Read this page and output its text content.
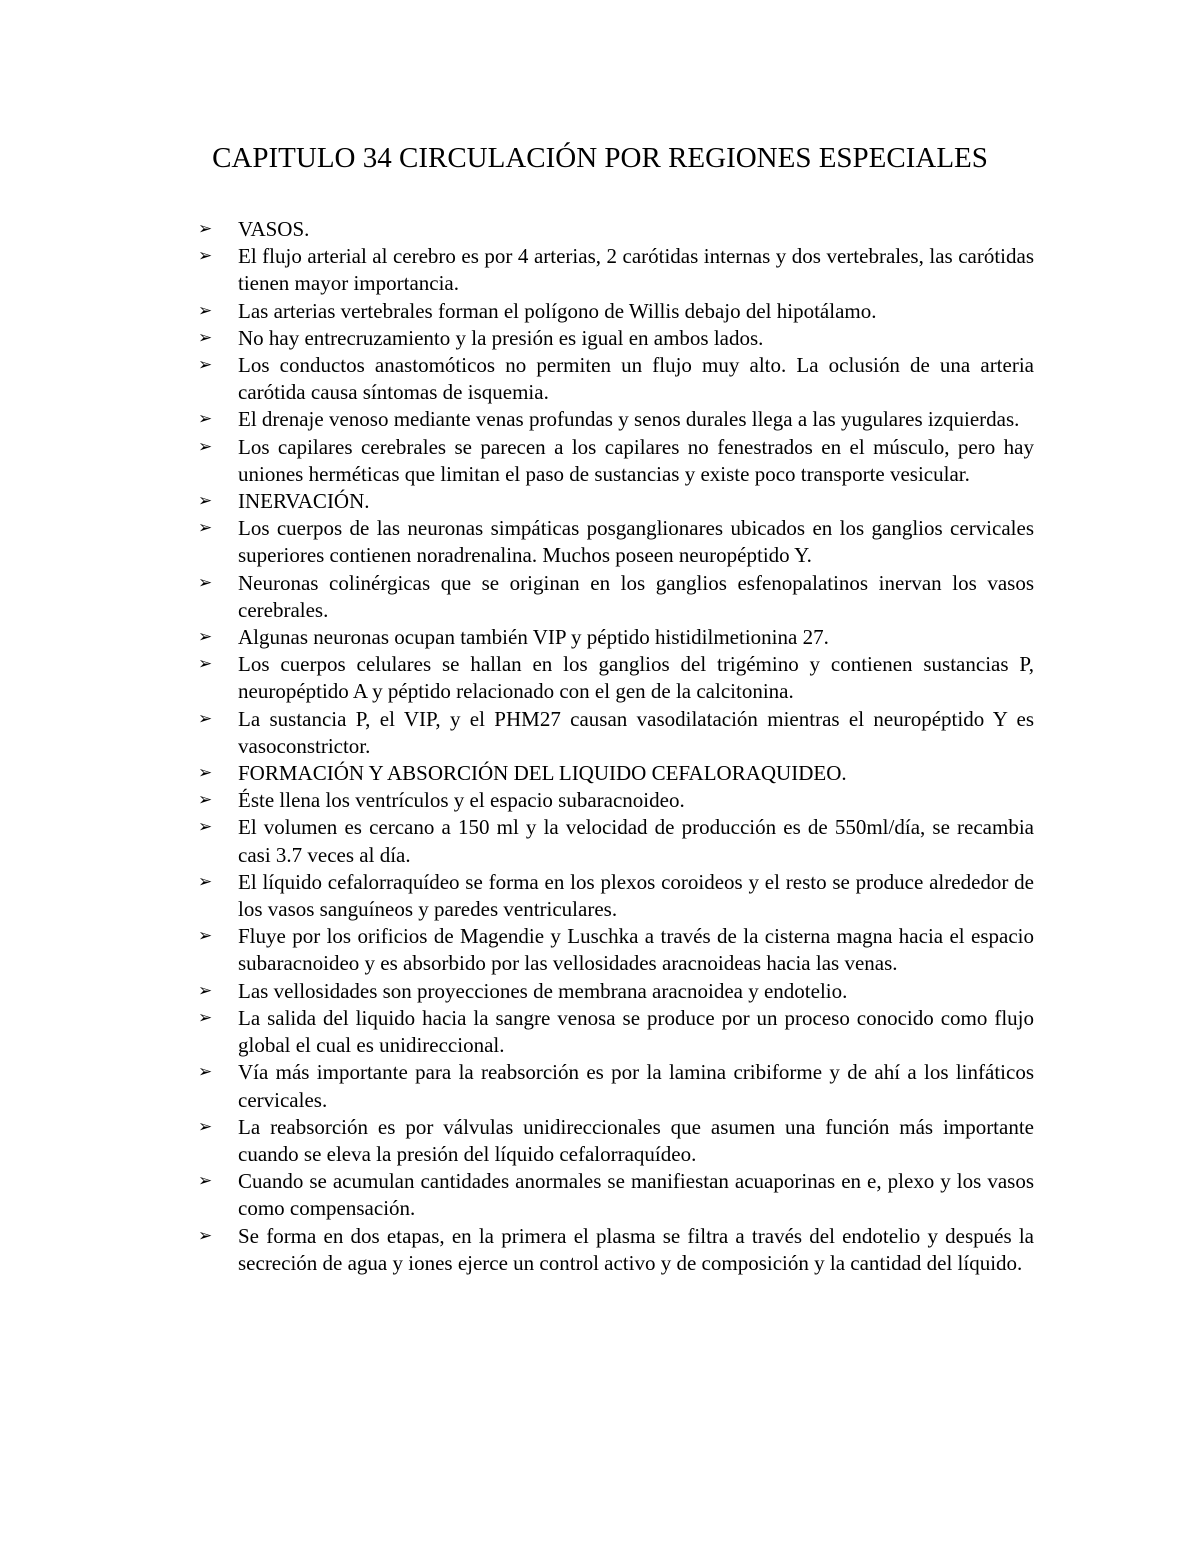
CAPITULO 34 CIRCULACIÓN POR REGIONES ESPECIALES
➢	VASOS.
➢	El flujo arterial al cerebro es por 4 arterias, 2 carótidas internas y dos vertebrales, las carótidas tienen mayor importancia.
➢	Las arterias vertebrales forman el polígono de Willis debajo del hipotálamo.
➢	No hay entrecruzamiento y la presión es igual en ambos lados.
➢	Los conductos anastomóticos no permiten un flujo muy alto. La oclusión de una arteria carótida causa síntomas de isquemia.
➢	El drenaje venoso mediante venas profundas y senos durales llega a las yugulares izquierdas.
➢	Los capilares cerebrales se parecen a los capilares no fenestrados en el músculo, pero hay uniones herméticas que limitan el paso de sustancias y existe poco transporte vesicular.
➢	INERVACIÓN.
➢	Los cuerpos de las neuronas simpáticas posganglionares ubicados en los ganglios cervicales superiores contienen noradrenalina. Muchos poseen neuropéptido Y.
➢	Neuronas colinérgicas que se originan en los ganglios esfenopalatinos inervan los vasos cerebrales.
➢	Algunas neuronas ocupan también VIP y péptido histidilmetionina 27.
➢	Los cuerpos celulares se hallan en los ganglios del trigémino y contienen sustancias P, neuropéptido A y péptido relacionado con el gen de la calcitonina.
➢	La sustancia P, el VIP, y el PHM27 causan vasodilatación mientras el neuropéptido Y es vasoconstrictor.
➢	FORMACIÓN Y ABSORCIÓN DEL LIQUIDO CEFALORAQUIDEO.
➢	Éste llena los ventrículos y el espacio subaracnoideo.
➢	El volumen es cercano a 150 ml y la velocidad de producción es de 550ml/día, se recambia casi 3.7 veces al día.
➢	El líquido cefalorraquídeo se forma en los plexos coroideos y el resto se produce alrededor de los vasos sanguíneos y paredes ventriculares.
➢	Fluye por los orificios de Magendie y Luschka a través de la cisterna magna hacia el espacio subaracnoideo y es absorbido por las vellosidades aracnoideas hacia las venas.
➢	Las vellosidades son proyecciones de membrana aracnoidea y endotelio.
➢	La salida del liquido hacia la sangre venosa se produce por un proceso conocido como flujo global el cual es unidireccional.
➢	Vía más importante para la reabsorción es por la lamina cribiforme y de ahí a los linfáticos cervicales.
➢	La reabsorción es por válvulas unidireccionales que asumen una función más importante cuando se eleva la presión del líquido cefalorraquídeo.
➢	Cuando se acumulan cantidades anormales se manifiestan acuaporinas en e, plexo y los vasos como compensación.
➢	Se forma en dos etapas, en la primera el plasma se filtra a través del endotelio y después la secreción de agua y iones ejerce un control activo y de composición y la cantidad del líquido.
